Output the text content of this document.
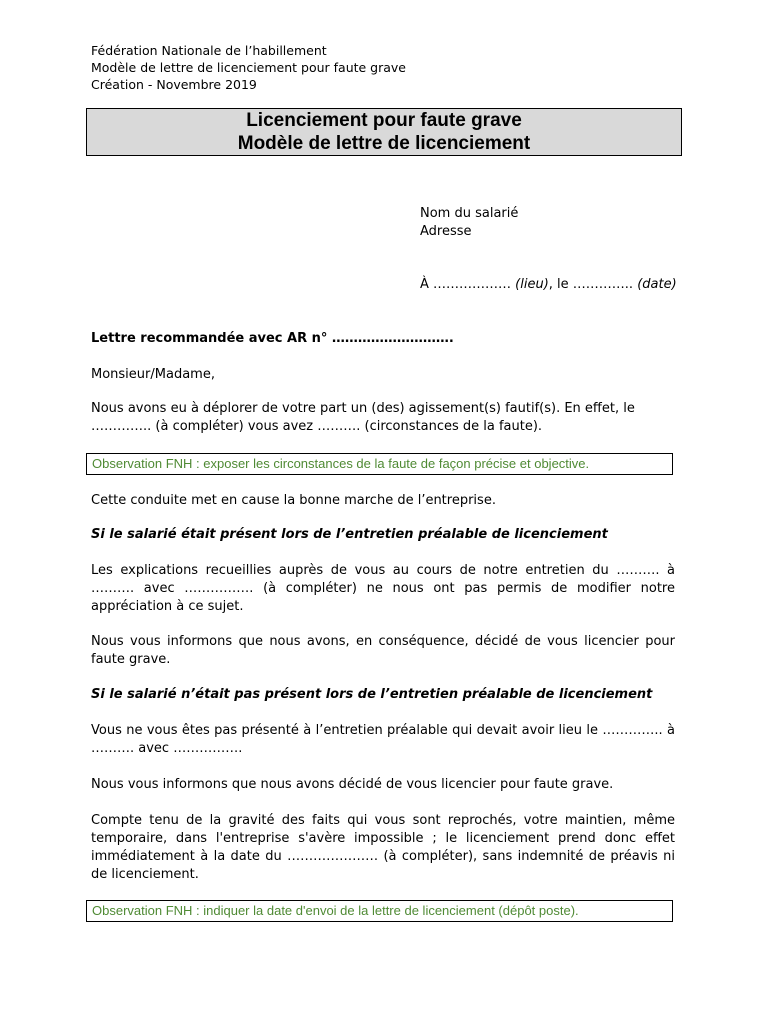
Fédération Nationale de l’habillement
Modèle de lettre de licenciement pour faute grave
Création - Novembre 2019
Licenciement pour faute grave
Modèle de lettre de licenciement
Nom du salarié
Adresse
À ……………… (lieu), le ………….. (date)
Lettre recommandée avec AR n° ……………………….
Monsieur/Madame,
Nous avons eu à déplorer de votre part un (des) agissement(s) fautif(s). En effet, le ………….. (à compléter) vous avez ………. (circonstances de la faute).
Observation FNH : exposer les circonstances de la faute de façon précise et objective.
Cette conduite met en cause la bonne marche de l’entreprise.
Si le salarié était présent lors de l’entretien préalable de licenciement
Les explications recueillies auprès de vous au cours de notre entretien du ………. à ………. avec ……………. (à compléter) ne nous ont pas permis de modifier notre appréciation à ce sujet.
Nous vous informons que nous avons, en conséquence, décidé de vous licencier pour faute grave.
Si le salarié n’était pas présent lors de l’entretien préalable de licenciement
Vous ne vous êtes pas présenté à l’entretien préalable qui devait avoir lieu le ………….. à ………. avec …………….
Nous vous informons que nous avons décidé de vous licencier pour faute grave.
Compte tenu de la gravité des faits qui vous sont reprochés, votre maintien, même temporaire, dans l'entreprise s'avère impossible ; le licenciement prend donc effet immédiatement à la date du ………………… (à compléter), sans indemnité de préavis ni de licenciement.
Observation FNH : indiquer la date d'envoi de la lettre de licenciement (dépôt poste).
